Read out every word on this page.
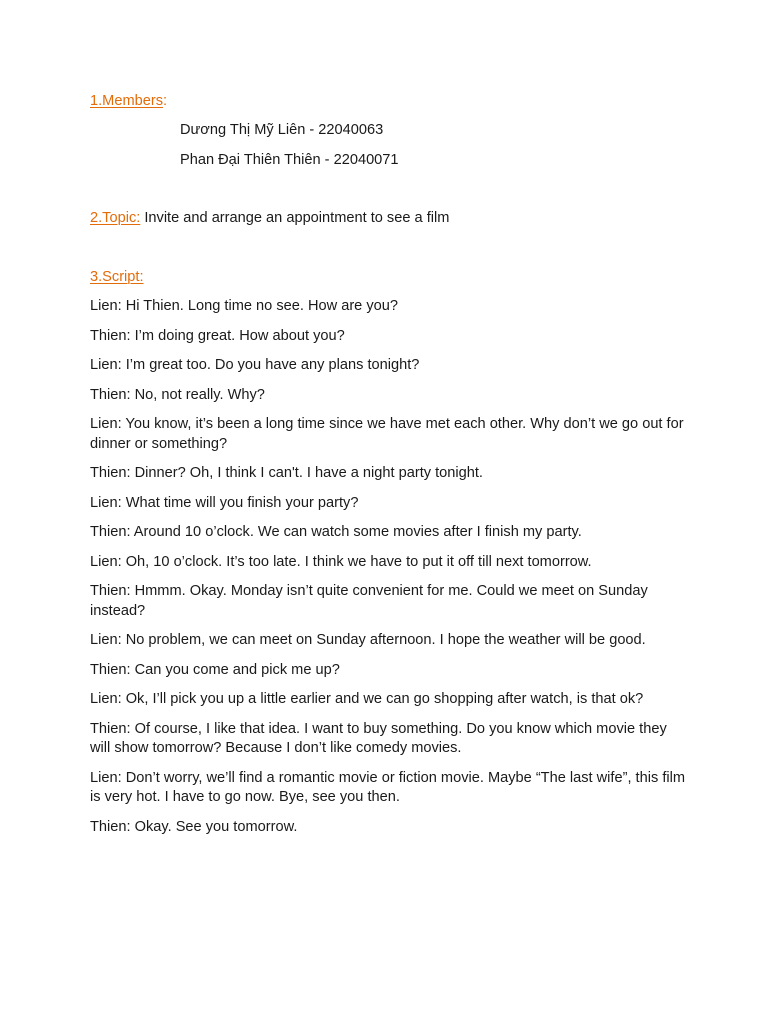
1.Members:

Dương Thị Mỹ Liên - 22040063

Phan Đại Thiên Thiên - 22040071

2.Topic: Invite and arrange an appointment to see a film

3.Script:

Lien: Hi Thien. Long time no see. How are you?

Thien: I’m doing great. How about you?

Lien: I’m great too. Do you have any plans tonight?

Thien: No, not really. Why?

Lien: You know, it’s been a long time since we have met each other. Why don’t we go out for dinner or something?

Thien: Dinner? Oh, I think I can't. I have a night party tonight.

Lien: What time will you finish your party?

Thien: Around 10 o’clock. We can watch some movies after I finish my party.

Lien: Oh, 10 o’clock. It’s too late. I think we have to put it off till next tomorrow.

Thien: Hmmm. Okay. Monday isn’t quite convenient for me. Could we meet on Sunday instead?

Lien: No problem, we can meet on Sunday afternoon. I hope the weather will be good.

Thien: Can you come and pick me up?

Lien: Ok, I’ll pick you up a little earlier and we can go shopping after watch, is that ok?

Thien: Of course, I like that idea. I want to buy something. Do you know which movie they will show tomorrow? Because I don’t like comedy movies.

Lien: Don’t worry, we’ll find a romantic movie or fiction movie. Maybe “The last wife”, this film is very hot. I have to go now. Bye, see you then.

Thien: Okay. See you tomorrow.
